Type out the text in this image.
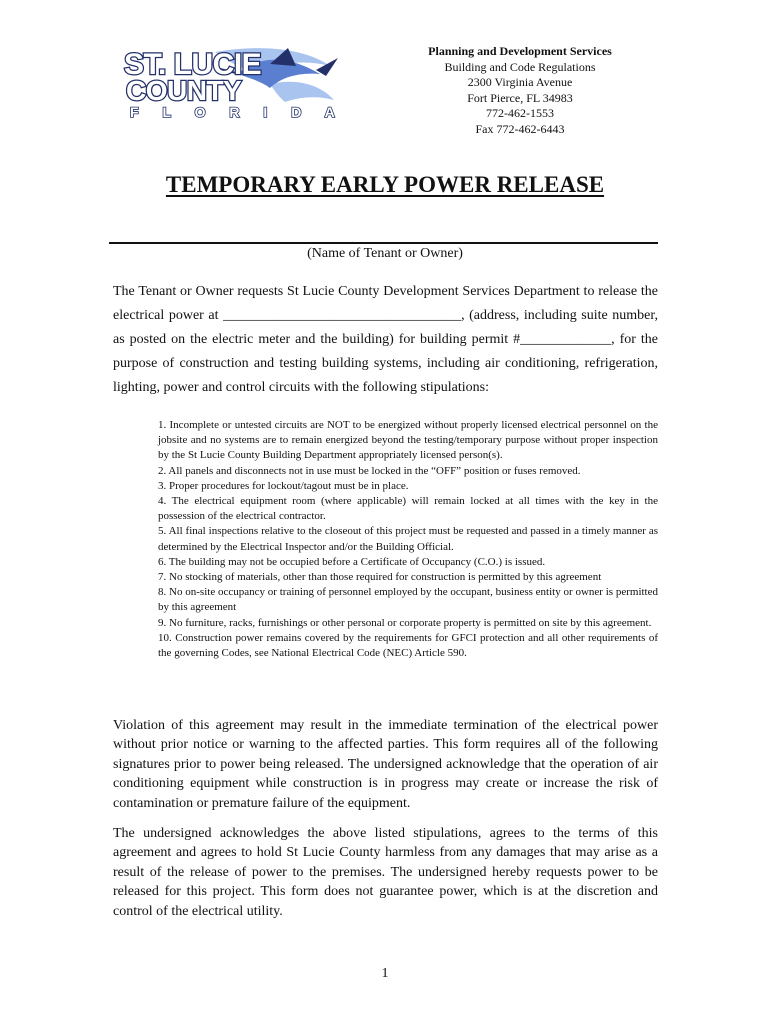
ST. LUCIE
COUNTY
F L O R I D A
Planning and Development Services
Building and Code Regulations
2300 Virginia Avenue
Fort Pierce, FL 34983
772-462-1553
Fax 772-462-6443
TEMPORARY EARLY POWER RELEASE
(Name of Tenant or Owner)
The Tenant or Owner requests St Lucie County Development Services Department to release the
electrical power at __________________________________, (address, including suite number,
as posted on the electric meter and the building) for building permit #_____________, for the
purpose of construction and testing building systems, including air conditioning, refrigeration,
lighting, power and control circuits with the following stipulations:
1. Incomplete or untested circuits are NOT to be energized without properly licensed electrical personnel on the jobsite and no systems are to remain energized beyond the testing/temporary purpose without proper inspection by the St Lucie County Building Department appropriately licensed person(s).
2. All panels and disconnects not in use must be locked in the “OFF” position or fuses removed.
3. Proper procedures for lockout/tagout must be in place.
4. The electrical equipment room (where applicable) will remain locked at all times with the key in the possession of the electrical contractor.
5. All final inspections relative to the closeout of this project must be requested and passed in a timely manner as determined by the Electrical Inspector and/or the Building Official.
6. The building may not be occupied before a Certificate of Occupancy (C.O.) is issued.
7. No stocking of materials, other than those required for construction is permitted by this agreement
8. No on-site occupancy or training of personnel employed by the occupant, business entity or owner is permitted by this agreement
9. No furniture, racks, furnishings or other personal or corporate property is permitted on site by this agreement.
10. Construction power remains covered by the requirements for GFCI protection and all other requirements of the governing Codes, see National Electrical Code (NEC) Article 590.
Violation of this agreement may result in the immediate termination of the electrical power without prior notice or warning to the affected parties. This form requires all of the following signatures prior to power being released. The undersigned acknowledge that the operation of air conditioning equipment while construction is in progress may create or increase the risk of contamination or premature failure of the equipment.
The undersigned acknowledges the above listed stipulations, agrees to the terms of this agreement and agrees to hold St Lucie County harmless from any damages that may arise as a result of the release of power to the premises. The undersigned hereby requests power to be released for this project. This form does not guarantee power, which is at the discretion and control of the electrical utility.
1
